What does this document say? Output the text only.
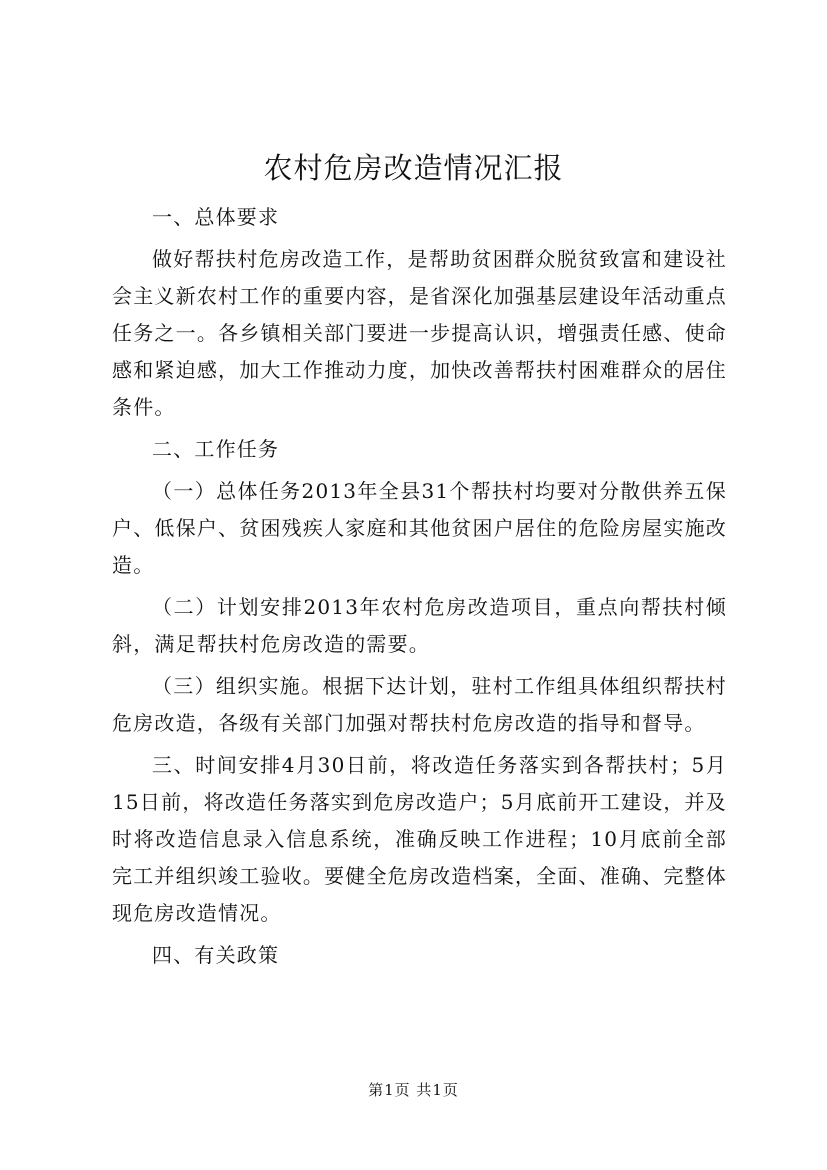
农村危房改造情况汇报

一、总体要求

做好帮扶村危房改造工作，是帮助贫困群众脱贫致富和建设社会主义新农村工作的重要内容，是省深化加强基层建设年活动重点任务之一。各乡镇相关部门要进一步提高认识，增强责任感、使命感和紧迫感，加大工作推动力度，加快改善帮扶村困难群众的居住条件。

二、工作任务

（一）总体任务2013年全县31个帮扶村均要对分散供养五保户、低保户、贫困残疾人家庭和其他贫困户居住的危险房屋实施改造。

（二）计划安排2013年农村危房改造项目，重点向帮扶村倾斜，满足帮扶村危房改造的需要。

（三）组织实施。根据下达计划，驻村工作组具体组织帮扶村危房改造，各级有关部门加强对帮扶村危房改造的指导和督导。

三、时间安排4月30日前，将改造任务落实到各帮扶村；5月15日前，将改造任务落实到危房改造户；5月底前开工建设，并及时将改造信息录入信息系统，准确反映工作进程；10月底前全部完工并组织竣工验收。要健全危房改造档案，全面、准确、完整体现危房改造情况。

四、有关政策

第1页 共1页
